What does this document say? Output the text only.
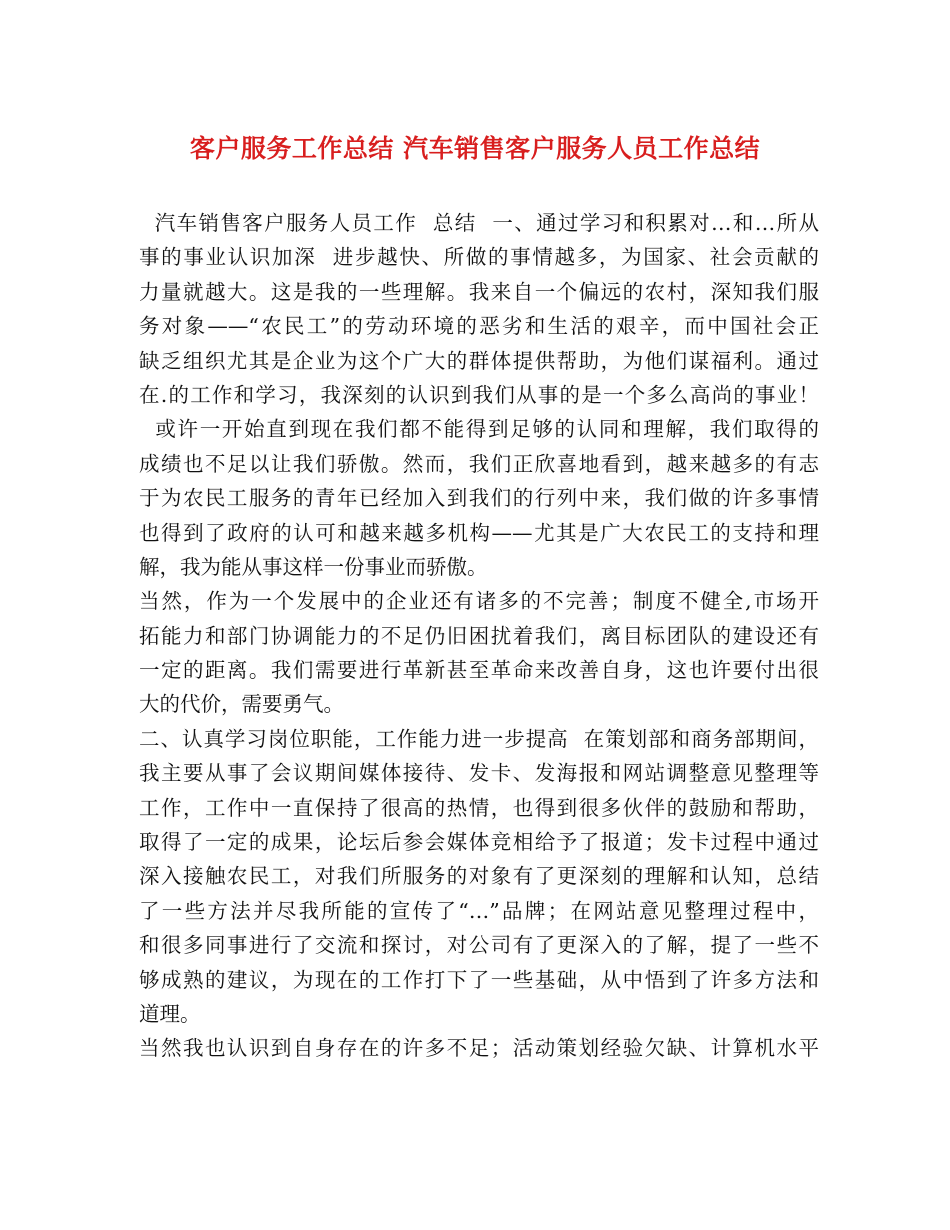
客户服务工作总结 汽车销售客户服务人员工作总结
汽车销售客户服务人员工作  总结  一、通过学习和积累对…和…所从
事的事业认识加深  进步越快、所做的事情越多，为国家、社会贡献的
力量就越大。这是我的一些理解。我来自一个偏远的农村，深知我们服
务对象——“农民工”的劳动环境的恶劣和生活的艰辛，而中国社会正
缺乏组织尤其是企业为这个广大的群体提供帮助，为他们谋福利。通过
在.的工作和学习，我深刻的认识到我们从事的是一个多么高尚的事业！
或许一开始直到现在我们都不能得到足够的认同和理解，我们取得的
成绩也不足以让我们骄傲。然而，我们正欣喜地看到，越来越多的有志
于为农民工服务的青年已经加入到我们的行列中来，我们做的许多事情
也得到了政府的认可和越来越多机构——尤其是广大农民工的支持和理
解，我为能从事这样一份事业而骄傲。
当然，作为一个发展中的企业还有诸多的不完善；制度不健全,市场开
拓能力和部门协调能力的不足仍旧困扰着我们，离目标团队的建设还有
一定的距离。我们需要进行革新甚至革命来改善自身，这也许要付出很
大的代价，需要勇气。
二、认真学习岗位职能，工作能力进一步提高  在策划部和商务部期间，
我主要从事了会议期间媒体接待、发卡、发海报和网站调整意见整理等
工作，工作中一直保持了很高的热情，也得到很多伙伴的鼓励和帮助，
取得了一定的成果，论坛后参会媒体竞相给予了报道；发卡过程中通过
深入接触农民工，对我们所服务的对象有了更深刻的理解和认知，总结
了一些方法并尽我所能的宣传了“…”品牌；在网站意见整理过程中，
和很多同事进行了交流和探讨，对公司有了更深入的了解，提了一些不
够成熟的建议，为现在的工作打下了一些基础，从中悟到了许多方法和
道理。
当然我也认识到自身存在的许多不足；活动策划经验欠缺、计算机水平
